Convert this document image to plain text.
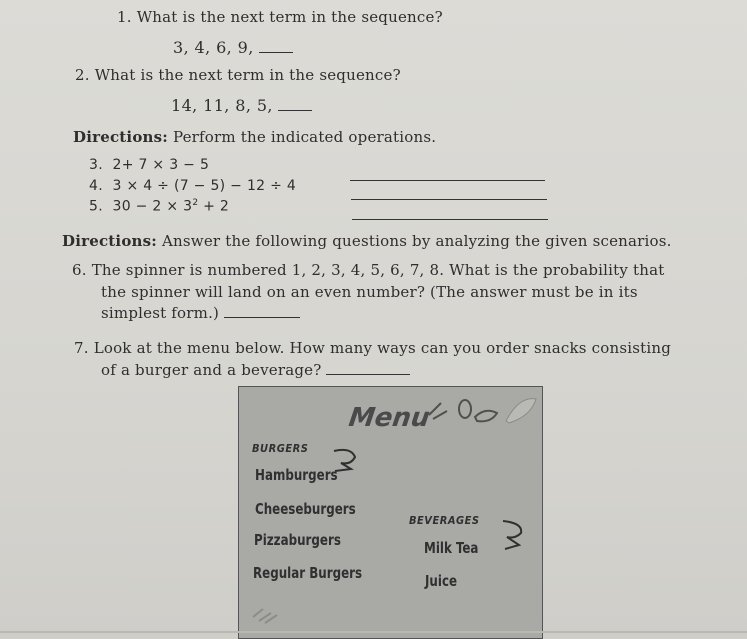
1. What is the next term in the sequence?
3, 4, 6, 9,
2. What is the next term in the sequence?
14, 11, 8, 5,
Directions: Perform the indicated operations.
3. 2+ 7 × 3 − 5
4. 3 × 4 ÷ (7 − 5) − 12 ÷ 4
5. $30 - 2 \times 3^2 + 2$
Directions: Answer the following questions by analyzing the given scenarios.
6. The spinner is numbered 1, 2, 3, 4, 5, 6, 7, 8. What is the probability that
the spinner will land on an even number? (The answer must be in its
simplest form.)
7. Look at the menu below. How many ways can you order snacks consisting
of a burger and a beverage?
Menu
BURGERS
Hamburgers
Cheeseburgers
Pizzaburgers
Regular Burgers
BEVERAGES
Milk Tea
Juice
